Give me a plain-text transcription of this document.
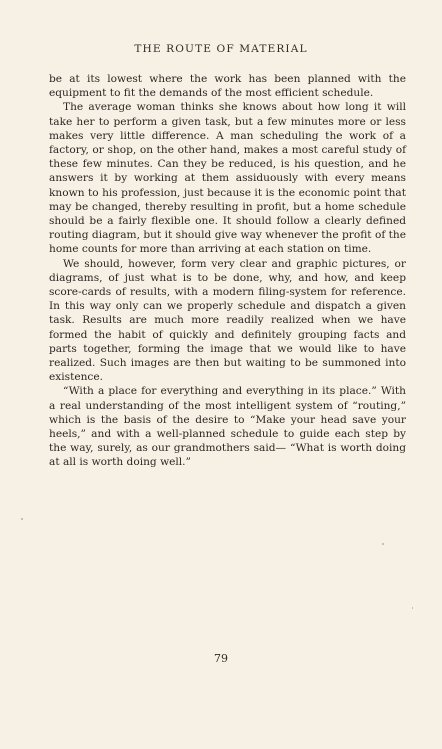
THE ROUTE OF MATERIAL

be at its lowest where the work has been planned with the equipment to fit the demands of the most efficient schedule.

The average woman thinks she knows about how long it will take her to perform a given task, but a few minutes more or less makes very little difference. A man scheduling the work of a factory, or shop, on the other hand, makes a most careful study of these few minutes. Can they be reduced, is his question, and he answers it by working at them assiduously with every means known to his profession, just because it is the economic point that may be changed, thereby resulting in profit, but a home schedule should be a fairly flexible one. It should follow a clearly defined routing diagram, but it should give way whenever the profit of the home counts for more than arriving at each station on time.

We should, however, form very clear and graphic pictures, or diagrams, of just what is to be done, why, and how, and keep score-cards of results, with a modern filing-system for reference. In this way only can we properly schedule and dispatch a given task. Results are much more readily realized when we have formed the habit of quickly and definitely grouping facts and parts together, forming the image that we would like to have realized. Such images are then but waiting to be summoned into existence.

“With a place for everything and everything in its place.” With a real understanding of the most intelligent system of “routing,” which is the basis of the desire to “Make your head save your heels,” and with a well-planned schedule to guide each step by the way, surely, as our grandmothers said— “What is worth doing at all is worth doing well.”

79
